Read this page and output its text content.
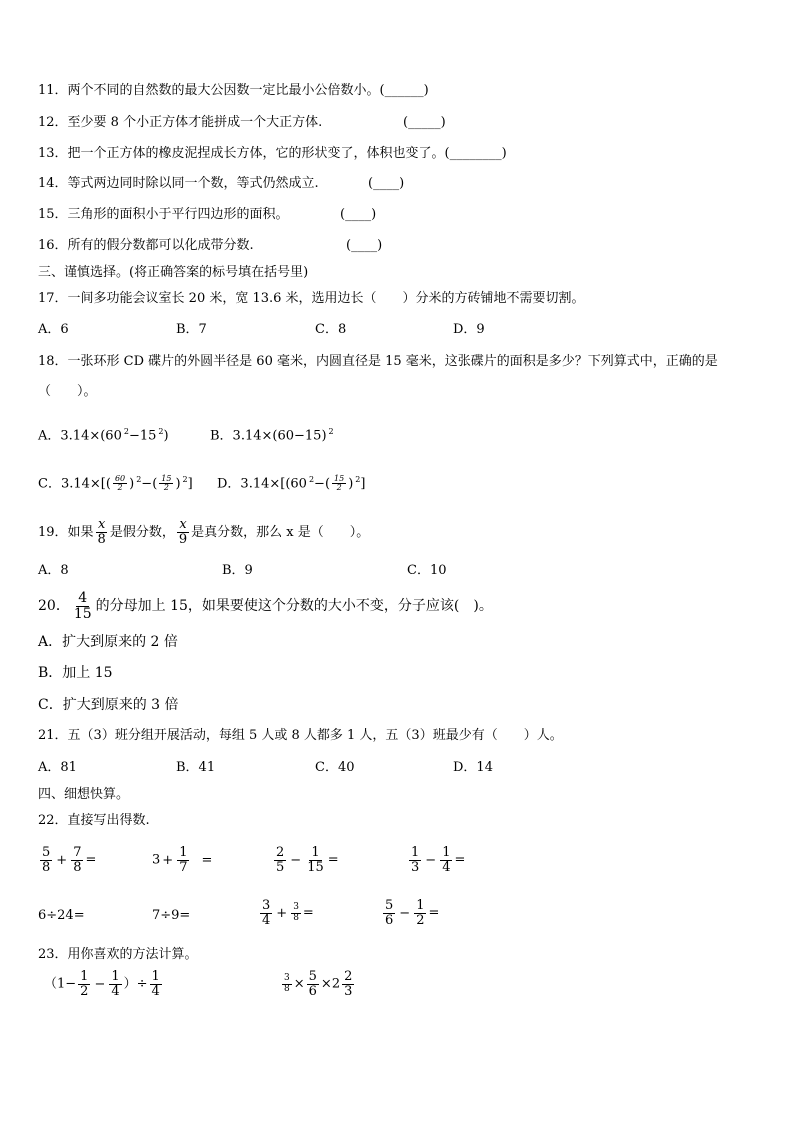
11．两个不同的自然数的最大公因数一定比最小公倍数小。(______)
12．至少要 8 个小正方体才能拼成一个大正方体.	(_____)
13．把一个正方体的橡皮泥捏成长方体，它的形状变了，体积也变了。(________)
14．等式两边同时除以同一个数，等式仍然成立.	(____)
15．三角形的面积小于平行四边形的面积。	(____)
16．所有的假分数都可以化成带分数.	(____)
三、谨慎选择。(将正确答案的标号填在括号里)
17．一间多功能会议室长 20 米，宽 13.6 米，选用边长（　　）分米的方砖铺地不需要切割。
A．6	B．7	C．8	D．9
18．一张环形 CD 碟片的外圆半径是 60 毫米，内圆直径是 15 毫米，这张碟片的面积是多少？下列算式中，正确的是
（　　）。
A．3.14×(60 $^2$−15 $^2$)	B．3.14×(60−15) $^2$
C．$3.14\times[( \frac{60}{2}$ ) $^2-( \frac{15}{2}$ ) $^2$] D．3.14×[(60 $^2-( \frac{15}{2}$ ) $^2$]
19．如果 $\frac{x}{8}$ 是假分数， $\frac{x}{9}$ 是真分数，那么 x 是（　　）。
A．8	B．9	C．10
20． $\frac{4}{15}$ 的分母加上 15，如果要使这个分数的大小不变，分子应该(　)。
A．扩大到原来的 2 倍
B．加上 15
C．扩大到原来的 3 倍
21．五（3）班分组开展活动，每组 5 人或 8 人都多 1 人，五（3）班最少有（　　）人。
A．81	B．41	C．40	D．14
四、细想快算。
22．直接写出得数.
$\frac{5}{8} + \frac{7}{8}$ =	$3 + \frac{1}{7}$ =	$\frac{2}{5} - \frac{1}{15}$ =	$\frac{1}{3} - \frac{1}{4}$ =
6÷24=	7÷9=	$\frac{3}{4} + \frac{3}{8}$ =	$\frac{5}{6} - \frac{1}{2}$ =
23．用你喜欢的方法计算。
（$1- \frac{1}{2} - \frac{1}{4}$ ）÷ $\frac{1}{4}$	$\frac{3}{8} \times \frac{5}{6} \times 2 \frac{2}{3}$
